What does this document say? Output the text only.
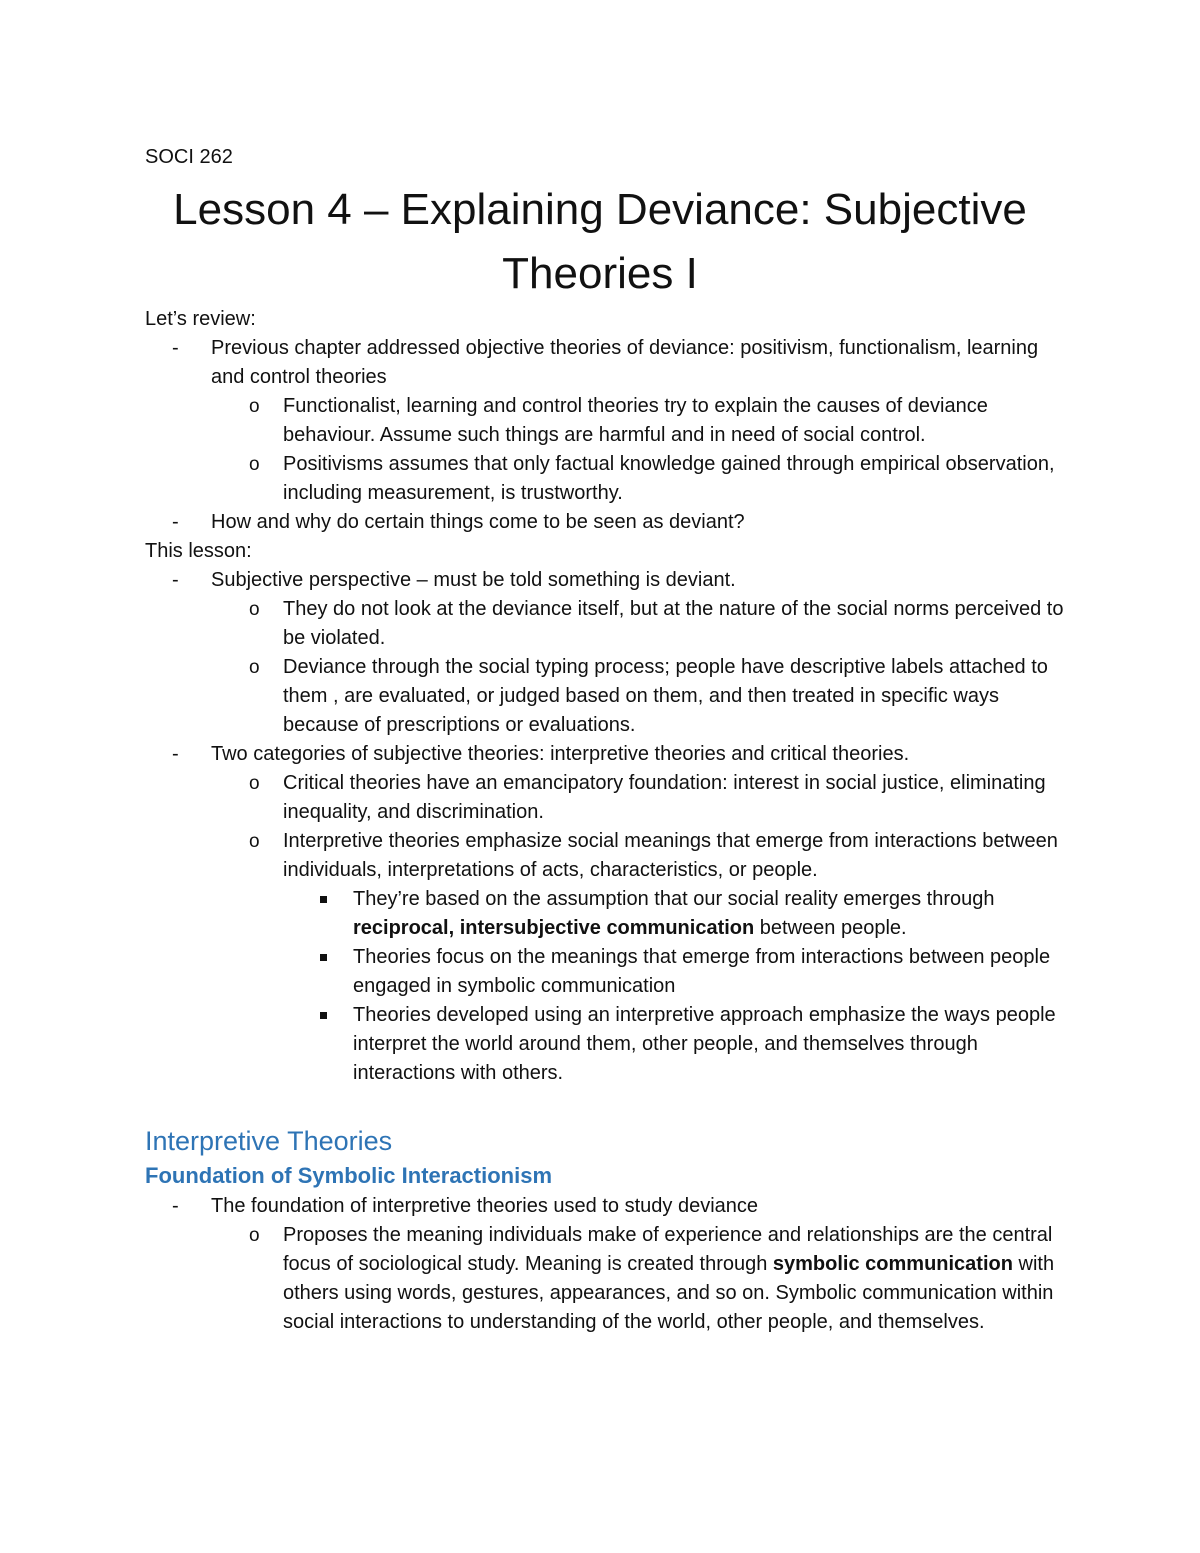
SOCI 262
Lesson 4 – Explaining Deviance: Subjective
Theories I

Let’s review:

- Previous chapter addressed objective theories of deviance: positivism, functionalism, learning and control theories
o Functionalist, learning and control theories try to explain the causes of deviance behaviour. Assume such things are harmful and in need of social control.
o Positivisms assumes that only factual knowledge gained through empirical observation, including measurement, is trustworthy.
- How and why do certain things come to be seen as deviant?

This lesson:

- Subjective perspective – must be told something is deviant.
o They do not look at the deviance itself, but at the nature of the social norms perceived to be violated.
o Deviance through the social typing process; people have descriptive labels attached to them , are evaluated, or judged based on them, and then treated in specific ways because of prescriptions or evaluations.
- Two categories of subjective theories: interpretive theories and critical theories.
o Critical theories have an emancipatory foundation: interest in social justice, eliminating inequality, and discrimination.
o Interpretive theories emphasize social meanings that emerge from interactions between individuals, interpretations of acts, characteristics, or people.
They’re based on the assumption that our social reality emerges through reciprocal, intersubjective communication between people.
Theories focus on the meanings that emerge from interactions between people engaged in symbolic communication
Theories developed using an interpretive approach emphasize the ways people interpret the world around them, other people, and themselves through interactions with others.
Interpretive Theories
Foundation of Symbolic Interactionism
- The foundation of interpretive theories used to study deviance
o Proposes the meaning individuals make of experience and relationships are the central focus of sociological study. Meaning is created through symbolic communication with others using words, gestures, appearances, and so on. Symbolic communication within social interactions to understanding of the world, other people, and themselves.
